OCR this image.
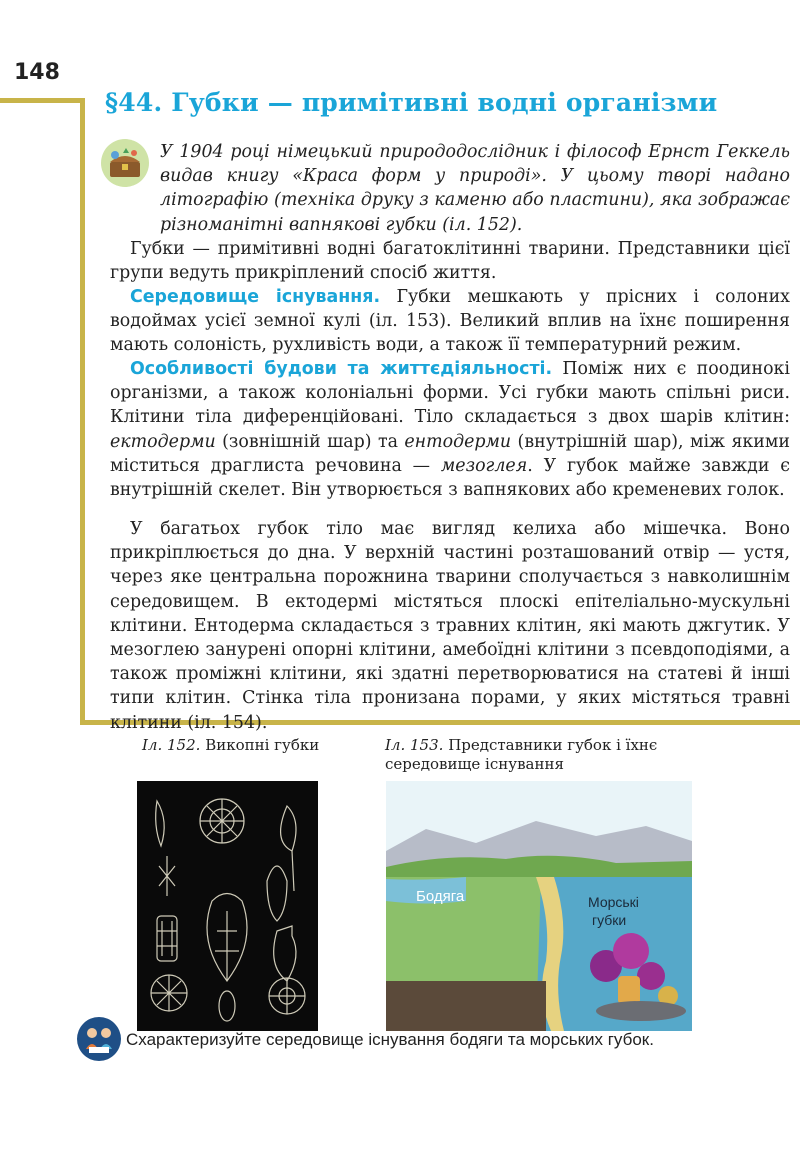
148
§44. Губки — примітивні водні організми

У 1904 році німецький природодослідник і філософ Ернст Геккель видав книгу «Краса форм у природі». У цьому творі надано літографію (техніка друку з каменю або пластини), яка зображає різноманітні вапнякові губки (іл. 152).

Губки — примітивні водні багатоклітинні тварини. Представники цієї групи ведуть прикріплений спосіб життя.

Середовище існування. Губки мешкають у прісних і солоних водоймах усієї земної кулі (іл. 153). Великий вплив на їхнє поширення мають солоність, рухливість води, а також її температурний режим.

Особливості будови та життєдіяльності. Поміж них є поодинокі організми, а також колоніальні форми. Усі губки мають спільні риси. Клітини тіла диференційовані. Тіло складається з двох шарів клітин: ектодерми (зовнішній шар) та ентодерми (внутрішній шар), між якими міститься драглиста речовина — мезоглея. У губок майже завжди є внутрішній скелет. Він утворюється з вапнякових або кременевих голок.

У багатьох губок тіло має вигляд келиха або мішечка. Воно прикріплюється до дна. У верхній частині розташований отвір — устя, через яке центральна порожнина тварини сполучається з навколишнім середовищем. В ектодермі містяться плоскі епітеліально-мускульні клітини. Ентодерма складається з травних клітин, які мають джгутик. У мезоглею занурені опорні клітини, амебоїдні клітини з псевдоподіями, а також проміжні клітини, які здатні перетворюватися на статеві й інші типи клітин. Стінка тіла пронизана порами, у яких містяться травні клітини (іл. 154).

Іл. 152. Викопні губки	Іл. 153. Представники губок і їхнє середовище існування
Бодяга	Морські
губки
Схарактеризуйте середовище існування бодяги та морських губок.
